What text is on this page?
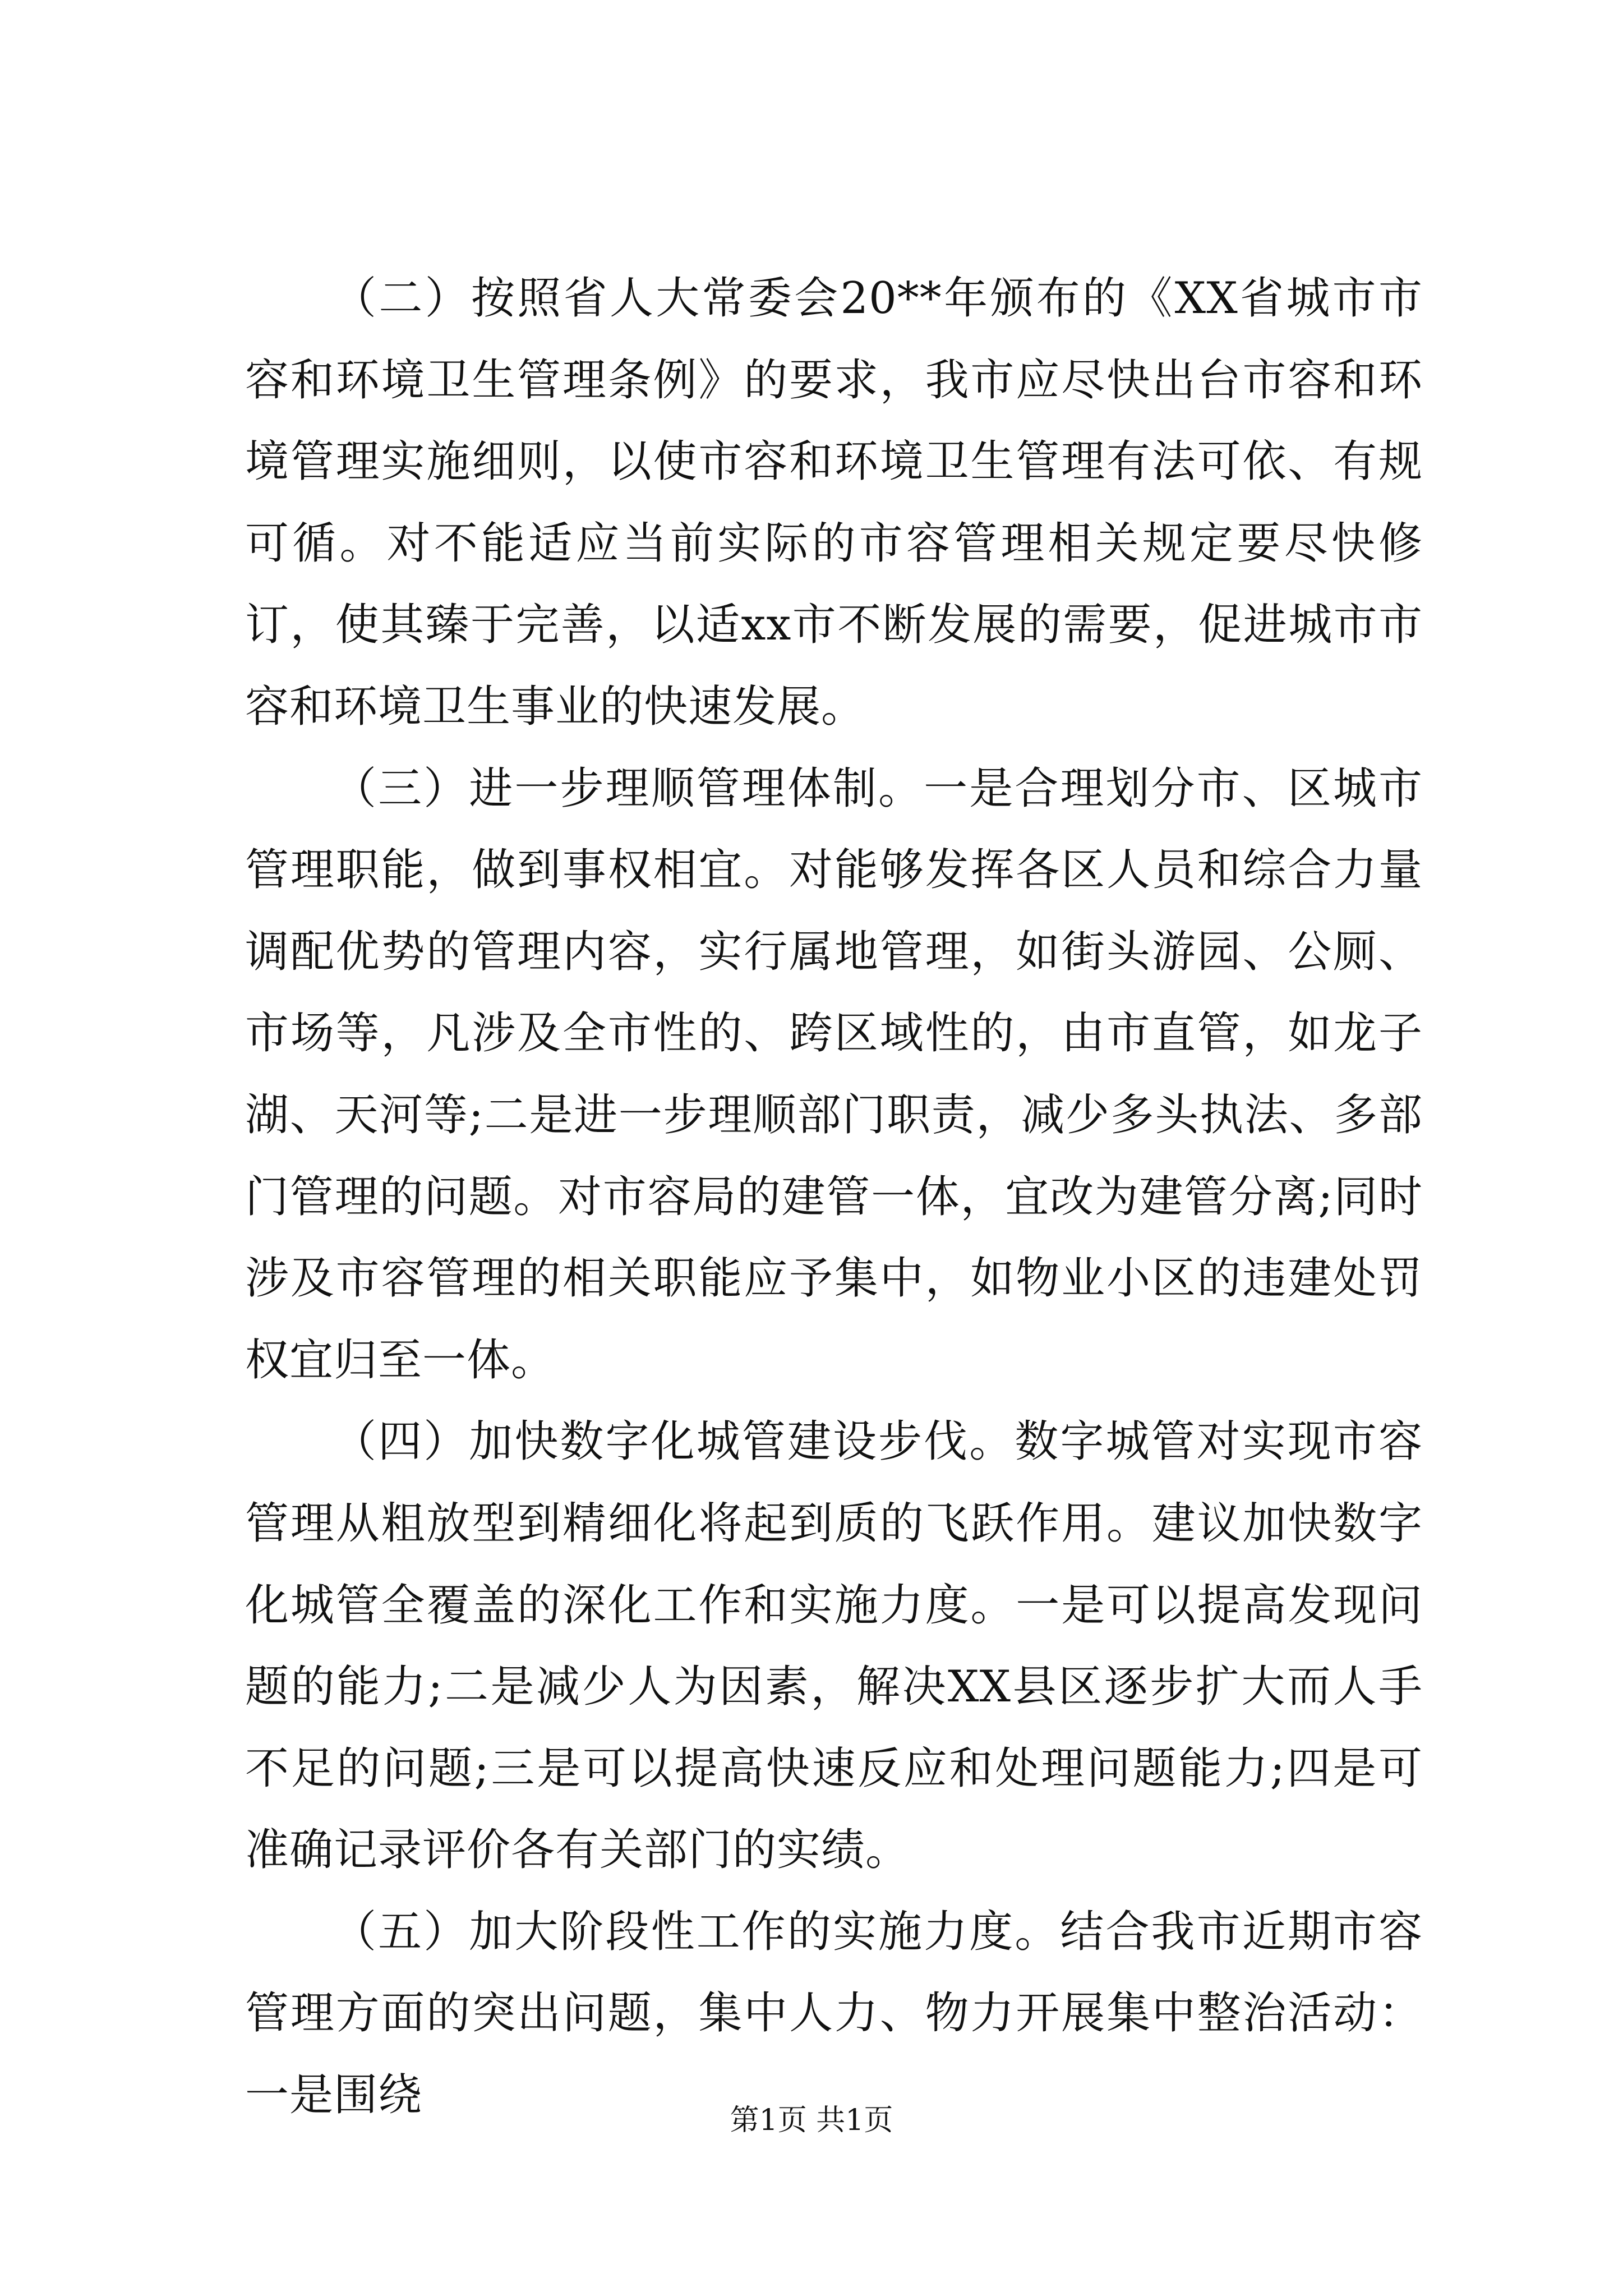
（二）按照省人大常委会20**年颁布的《XX省城市市容和环境卫生管理条例》的要求，我市应尽快出台市容和环境管理实施细则，以使市容和环境卫生管理有法可依、有规可循。对不能适应当前实际的市容管理相关规定要尽快修订，使其臻于完善，以适xx市不断发展的需要，促进城市市容和环境卫生事业的快速发展。

（三）进一步理顺管理体制。一是合理划分市、区城市管理职能，做到事权相宜。对能够发挥各区人员和综合力量调配优势的管理内容，实行属地管理，如街头游园、公厕、市场等，凡涉及全市性的、跨区域性的，由市直管，如龙子湖、天河等;二是进一步理顺部门职责，减少多头执法、多部门管理的问题。对市容局的建管一体，宜改为建管分离;同时涉及市容管理的相关职能应予集中，如物业小区的违建处罚权宜归至一体。

（四）加快数字化城管建设步伐。数字城管对实现市容管理从粗放型到精细化将起到质的飞跃作用。建议加快数字化城管全覆盖的深化工作和实施力度。一是可以提高发现问题的能力;二是减少人为因素，解决XX县区逐步扩大而人手不足的问题;三是可以提高快速反应和处理问题能力;四是可准确记录评价各有关部门的实绩。

（五）加大阶段性工作的实施力度。结合我市近期市容管理方面的突出问题，集中人力、物力开展集中整治活动：一是围绕	第1页 共1页
